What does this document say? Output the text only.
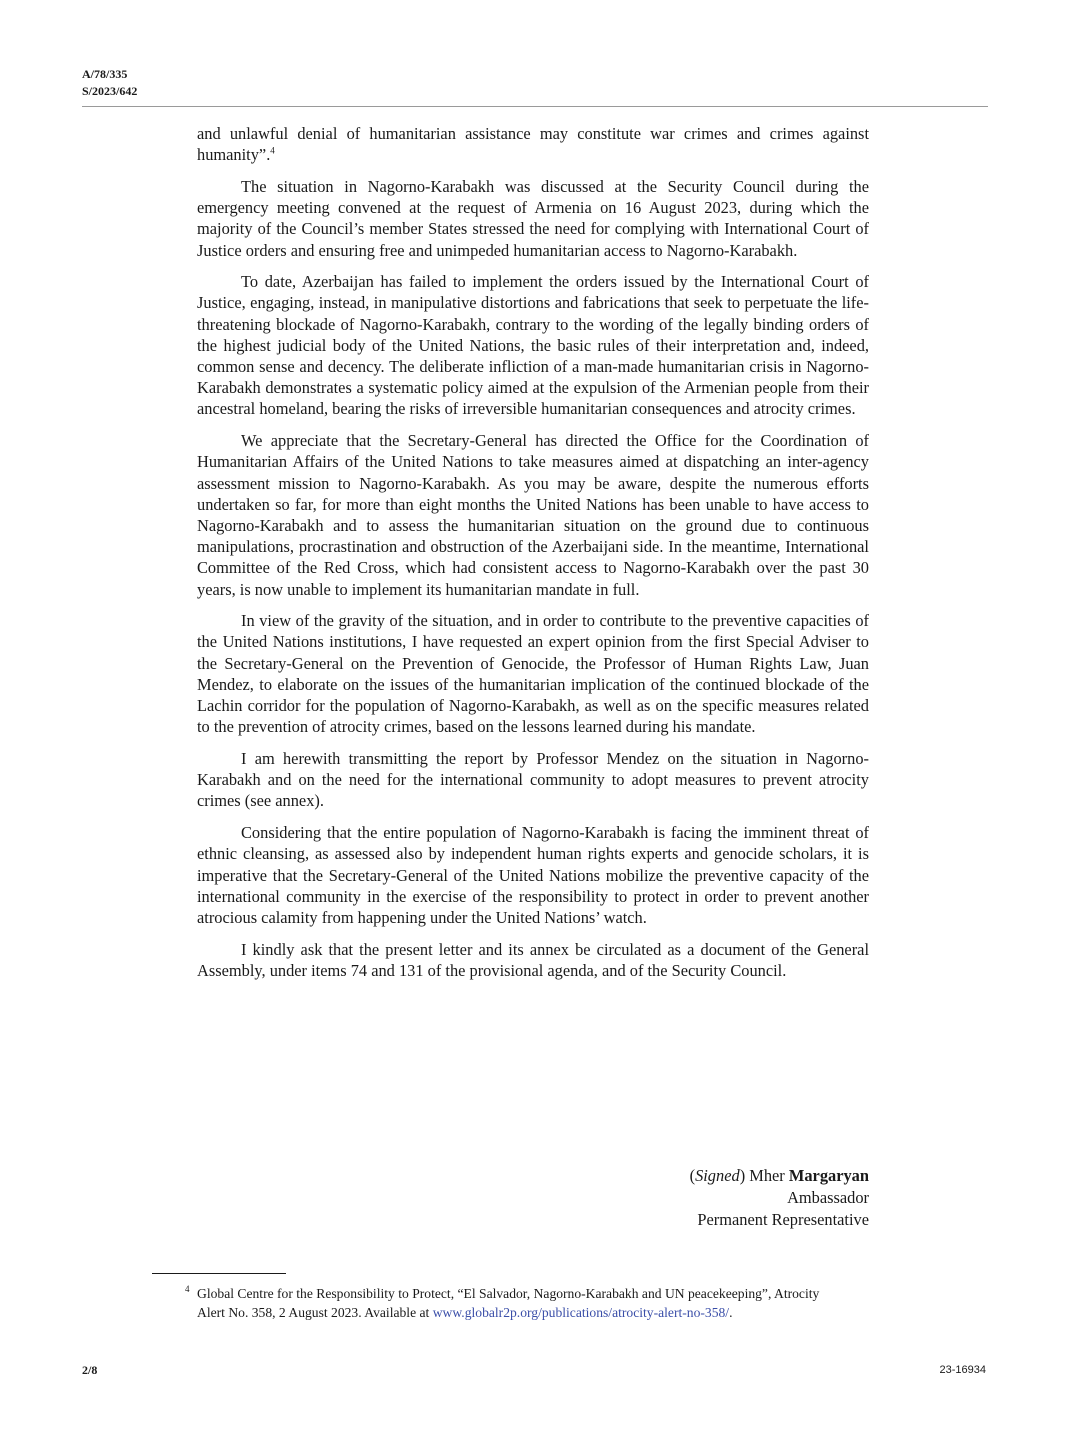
A/78/335
S/2023/642

and unlawful denial of humanitarian assistance may constitute war crimes and crimes against humanity”.$^4$

The situation in Nagorno-Karabakh was discussed at the Security Council during the emergency meeting convened at the request of Armenia on 16 August 2023, during which the majority of the Council’s member States stressed the need for complying with International Court of Justice orders and ensuring free and unimpeded humanitarian access to Nagorno-Karabakh.

To date, Azerbaijan has failed to implement the orders issued by the International Court of Justice, engaging, instead, in manipulative distortions and fabrications that seek to perpetuate the life-threatening blockade of Nagorno-Karabakh, contrary to the wording of the legally binding orders of the highest judicial body of the United Nations, the basic rules of their interpretation and, indeed, common sense and decency. The deliberate infliction of a man-made humanitarian crisis in Nagorno-Karabakh demonstrates a systematic policy aimed at the expulsion of the Armenian people from their ancestral homeland, bearing the risks of irreversible humanitarian consequences and atrocity crimes.

We appreciate that the Secretary-General has directed the Office for the Coordination of Humanitarian Affairs of the United Nations to take measures aimed at dispatching an inter-agency assessment mission to Nagorno-Karabakh. As you may be aware, despite the numerous efforts undertaken so far, for more than eight months the United Nations has been unable to have access to Nagorno-Karabakh and to assess the humanitarian situation on the ground due to continuous manipulations, procrastination and obstruction of the Azerbaijani side. In the meantime, International Committee of the Red Cross, which had consistent access to Nagorno-Karabakh over the past 30 years, is now unable to implement its humanitarian mandate in full.

In view of the gravity of the situation, and in order to contribute to the preventive capacities of the United Nations institutions, I have requested an expert opinion from the first Special Adviser to the Secretary-General on the Prevention of Genocide, the Professor of Human Rights Law, Juan Mendez, to elaborate on the issues of the humanitarian implication of the continued blockade of the Lachin corridor for the population of Nagorno-Karabakh, as well as on the specific measures related to the prevention of atrocity crimes, based on the lessons learned during his mandate.

I am herewith transmitting the report by Professor Mendez on the situation in Nagorno-Karabakh and on the need for the international community to adopt measures to prevent atrocity crimes (see annex).

Considering that the entire population of Nagorno-Karabakh is facing the imminent threat of ethnic cleansing, as assessed also by independent human rights experts and genocide scholars, it is imperative that the Secretary-General of the United Nations mobilize the preventive capacity of the international community in the exercise of the responsibility to protect in order to prevent another atrocious calamity from happening under the United Nations’ watch.

I kindly ask that the present letter and its annex be circulated as a document of the General Assembly, under items 74 and 131 of the provisional agenda, and of the Security Council.

(Signed) Mher Margaryan
Ambassador
Permanent Representative
4 Global Centre for the Responsibility to Protect, “El Salvador, Nagorno-Karabakh and UN peacekeeping”, Atrocity Alert No. 358, 2 August 2023. Available at www.globalr2p.org/publications/atrocity-alert-no-358/.
2/8	23-16934
